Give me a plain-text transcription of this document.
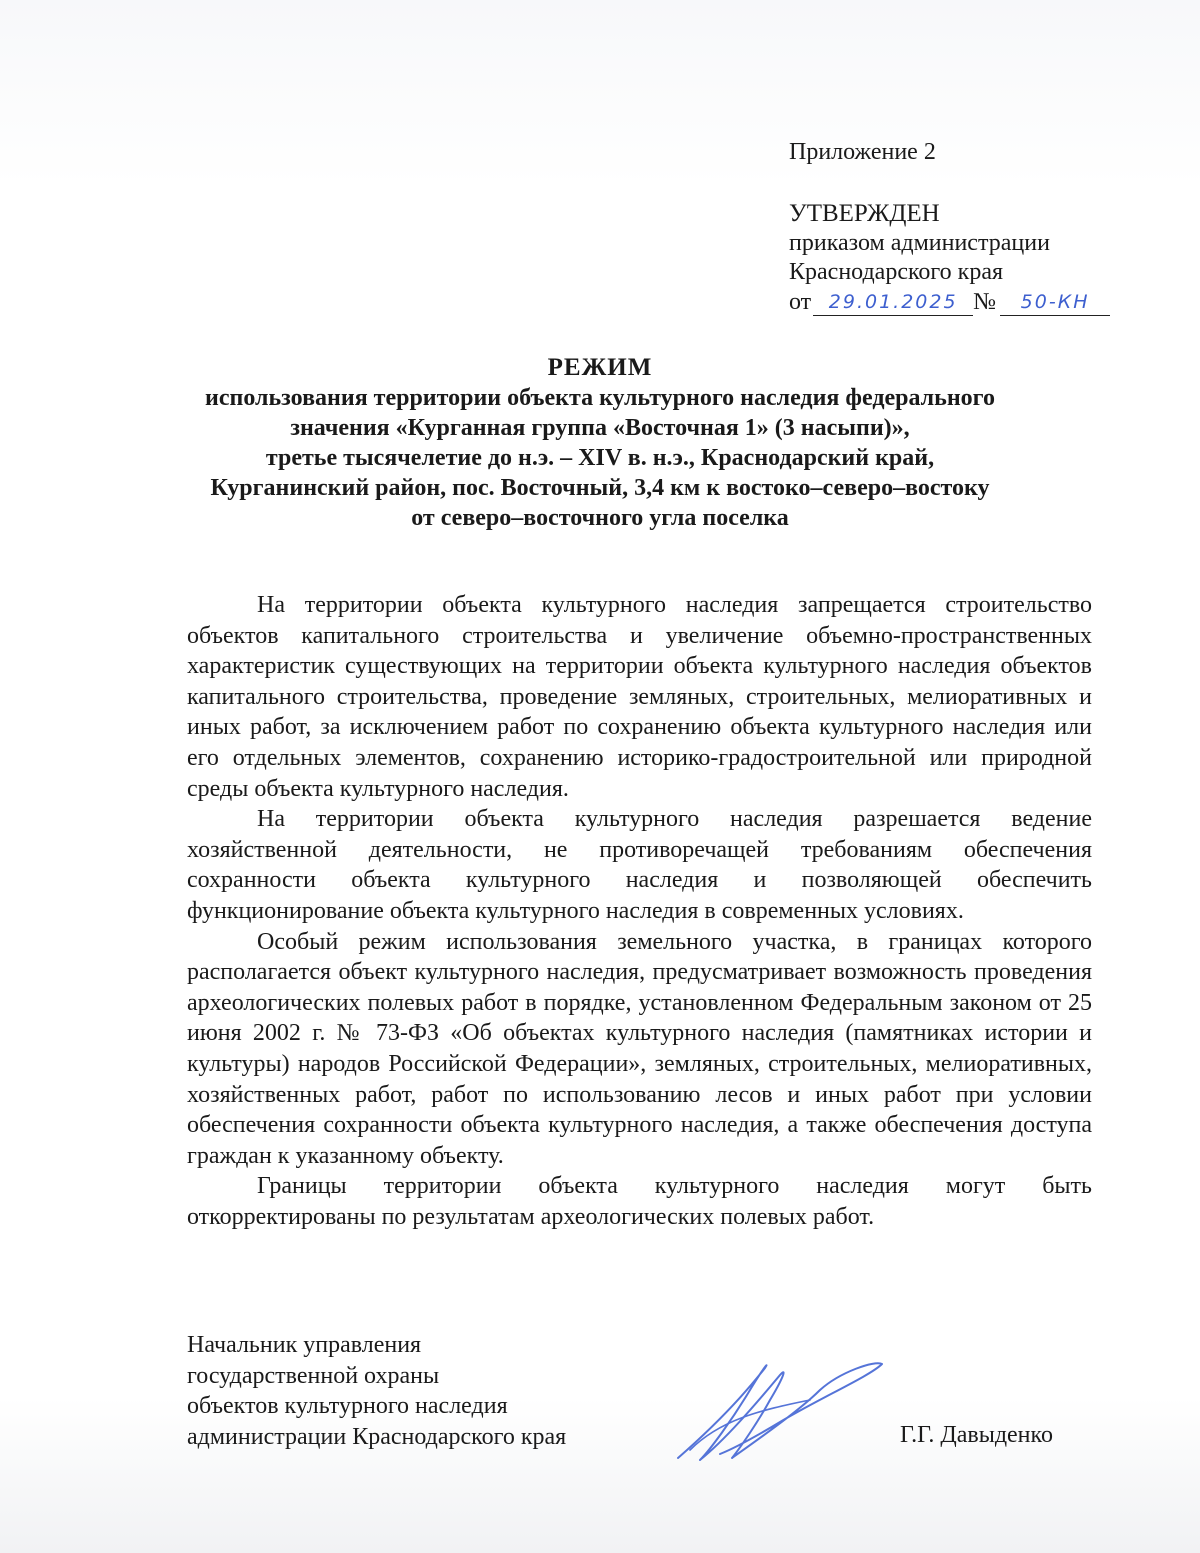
Приложение 2
УТВЕРЖДЕН
приказом администрации
Краснодарского края
от 29.01.2025 №	50-КН
РЕЖИМ
использования территории объекта культурного наследия федерального
значения «Курганная группа «Восточная 1» (3 насыпи)»,
третье тысячелетие до н.э. – XIV в. н.э., Краснодарский край,
Курганинский район, пос. Восточный, 3,4 км к востоко–северо–востоку
от северо–восточного угла поселка

На территории объекта культурного наследия запрещается строительство объектов капитального строительства и увеличение объемно-пространственных характеристик существующих на территории объекта культурного наследия объектов капитального строительства, проведение земляных, строительных, мелиоративных и иных работ, за исключением работ по сохранению объекта культурного наследия или его отдельных элементов, сохранению историко-градостроительной или природной среды объекта культурного наследия.

На территории объекта культурного наследия разрешается ведение хозяйственной деятельности, не противоречащей требованиям обеспечения сохранности объекта культурного наследия и позволяющей обеспечить функционирование объекта культурного наследия в современных условиях.

Особый режим использования земельного участка, в границах которого располагается объект культурного наследия, предусматривает возможность проведения археологических полевых работ в порядке, установленном Федеральным законом от 25 июня 2002 г. № 73-ФЗ «Об объектах культурного наследия (памятниках истории и культуры) народов Российской Федерации», земляных, строительных, мелиоративных, хозяйственных работ, работ по использованию лесов и иных работ при условии обеспечения сохранности объекта культурного наследия, а также обеспечения доступа граждан к указанному объекту.

Границы территории объекта культурного наследия могут быть откорректированы по результатам археологических полевых работ.

Начальник управления
государственной охраны
объектов культурного наследия
администрации Краснодарского края	Г.Г. Давыденко
